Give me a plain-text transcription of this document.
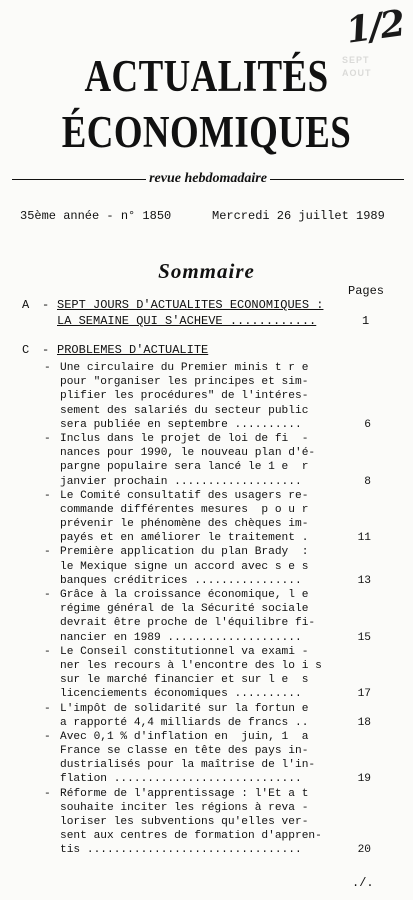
1/2
SEPT
AOUT
ACTUALITÉS
ÉCONOMIQUES
revue hebdomadaire
35ème année - n° 1850	Mercredi 26 juillet 1989
Sommaire
Pages
A - SEPT JOURS D'ACTUALITES ECONOMIQUES :
LA SEMAINE QUI S'ACHEVE ............	1
C - PROBLEMES D'ACTUALITE
- Une circulaire du Premier minis t r e
pour "organiser les principes et sim-
plifier les procédures" de l'intéres-
sement des salariés du secteur public
sera publiée en septembre ..........	6
- Inclus dans le projet de loi de fi  -
nances pour 1990, le nouveau plan d'é-
pargne populaire sera lancé le 1 e  r
janvier prochain ...................	8
- Le Comité consultatif des usagers re-
commande différentes mesures  p o u r
prévenir le phénomène des chèques im-
payés et en améliorer le traitement .	11
- Première application du plan Brady  :
le Mexique signe un accord avec s e s
banques créditrices ................	13
- Grâce à la croissance économique, l e
régime général de la Sécurité sociale
devrait être proche de l'équilibre fi-
nancier en 1989 ....................	15
- Le Conseil constitutionnel va exami -
ner les recours à l'encontre des lo i s
sur le marché financier et sur l e  s
licenciements économiques ..........	17
- L'impôt de solidarité sur la fortun e
a rapporté 4,4 milliards de francs ..	18
- Avec 0,1 % d'inflation en  juin, 1  a
France se classe en tête des pays in-
dustrialisés pour la maîtrise de l'in-
flation ............................	19
- Réforme de l'apprentissage : l'Et a t
souhaite inciter les régions à reva -
loriser les subventions qu'elles ver-
sent aux centres de formation d'appren-
tis ................................	20
./.
